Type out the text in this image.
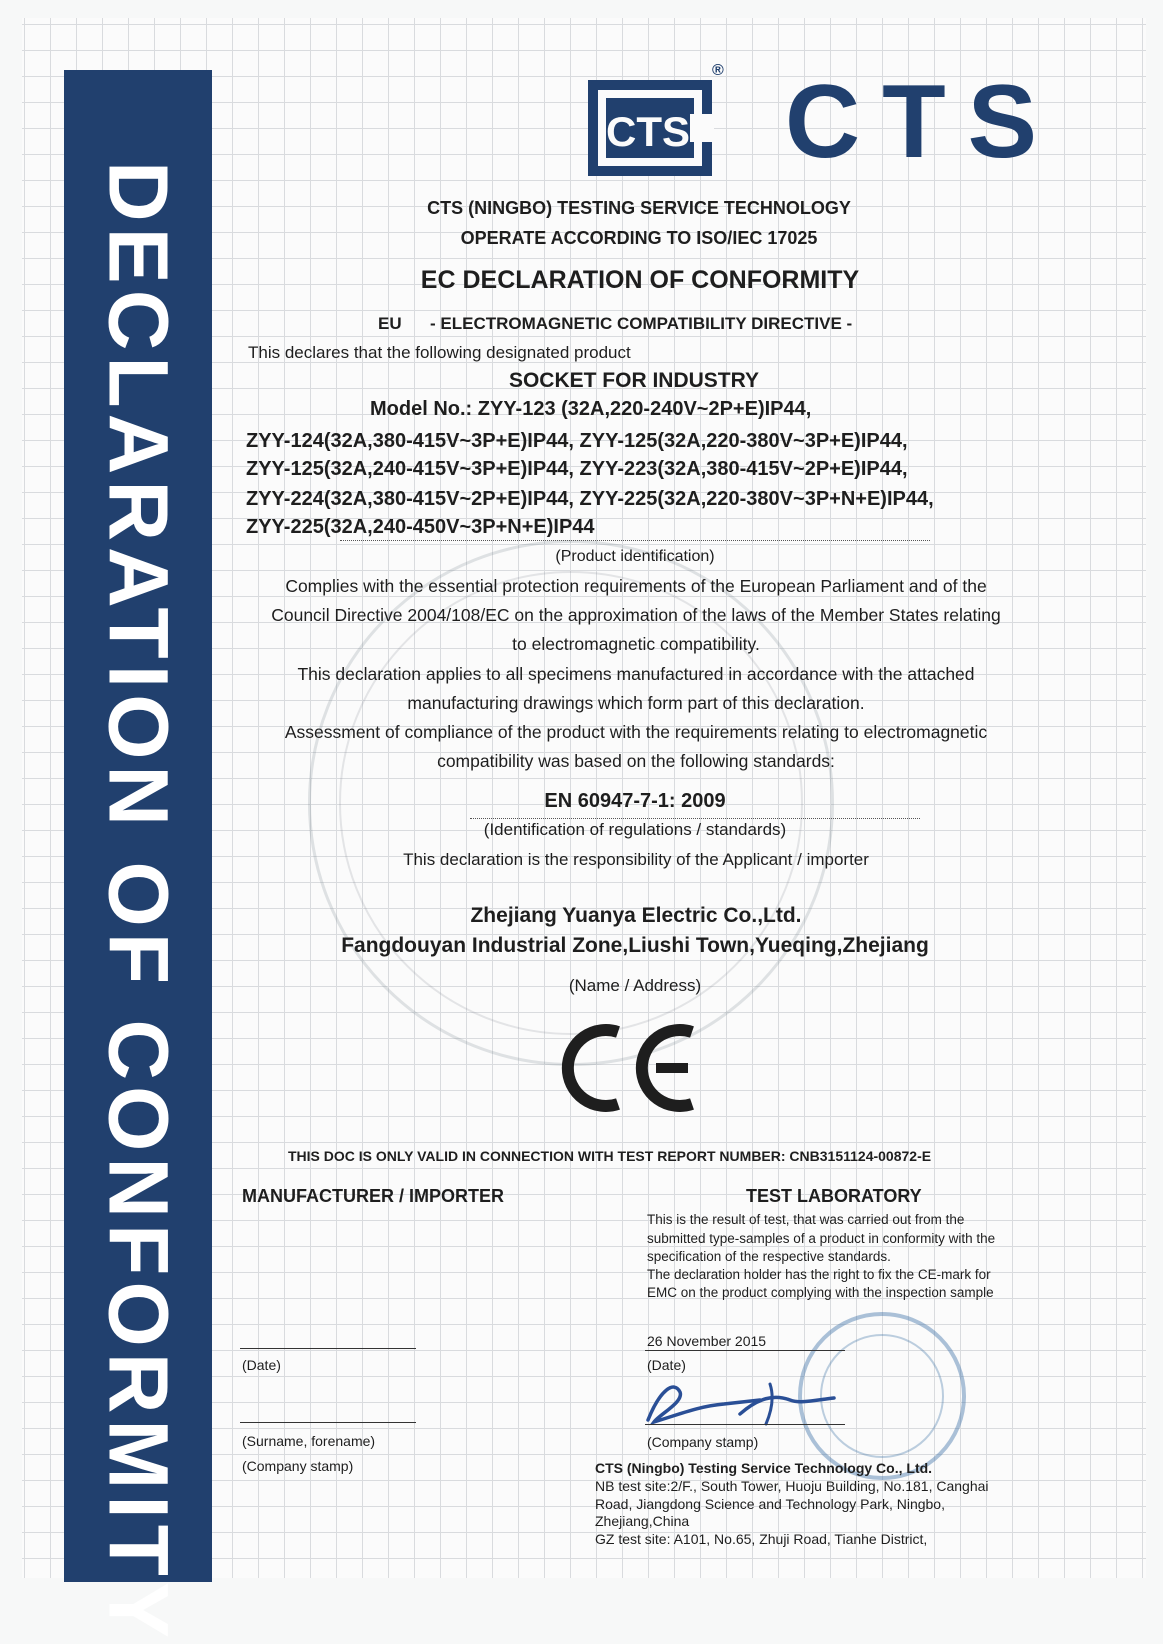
DECLARATION OF CONFORMITY
CTS
® CTS
CTS (NINGBO) TESTING SERVICE TECHNOLOGY
OPERATE ACCORDING TO ISO/IEC 17025
EC DECLARATION OF CONFORMITY
EU - ELECTROMAGNETIC COMPATIBILITY DIRECTIVE -
This declares that the following designated product
SOCKET FOR INDUSTRY
Model No.: ZYY-123 (32A,220-240V~2P+E)IP44,
ZYY-124(32A,380-415V~3P+E)IP44, ZYY-125(32A,220-380V~3P+E)IP44,
ZYY-125(32A,240-415V~3P+E)IP44, ZYY-223(32A,380-415V~2P+E)IP44,
ZYY-224(32A,380-415V~2P+E)IP44, ZYY-225(32A,220-380V~3P+N+E)IP44,
ZYY-225(32A,240-450V~3P+N+E)IP44
(Product identification)
Complies with the essential protection requirements of the European Parliament and of the
Council Directive 2004/108/EC on the approximation of the laws of the Member States relating
to electromagnetic compatibility.
This declaration applies to all specimens manufactured in accordance with the attached
manufacturing drawings which form part of this declaration.
Assessment of compliance of the product with the requirements relating to electromagnetic
compatibility was based on the following standards:
EN 60947-7-1: 2009
(Identification of regulations / standards)
This declaration is the responsibility of the Applicant / importer
Zhejiang Yuanya Electric Co.,Ltd.
Fangdouyan Industrial Zone,Liushi Town,Yueqing,Zhejiang
(Name / Address)
CE
THIS DOC IS ONLY VALID IN CONNECTION WITH TEST REPORT NUMBER: CNB3151124-00872-E
MANUFACTURER / IMPORTER
(Date)
(Surname, forename)
(Company stamp)
TEST LABORATORY
This is the result of test, that was carried out from the
submitted type-samples of a product in conformity with the
specification of the respective standards.
The declaration holder has the right to fix the CE-mark for
EMC on the product complying with the inspection sample
26 November 2015
(Date)
(Company stamp)
CTS (Ningbo) Testing Service Technology Co., Ltd.
NB test site:2/F., South Tower, Huoju Building, No.181, Canghai
Road, Jiangdong Science and Technology Park, Ningbo,
Zhejiang,China
GZ test site: A101, No.65, Zhuji Road, Tianhe District,
